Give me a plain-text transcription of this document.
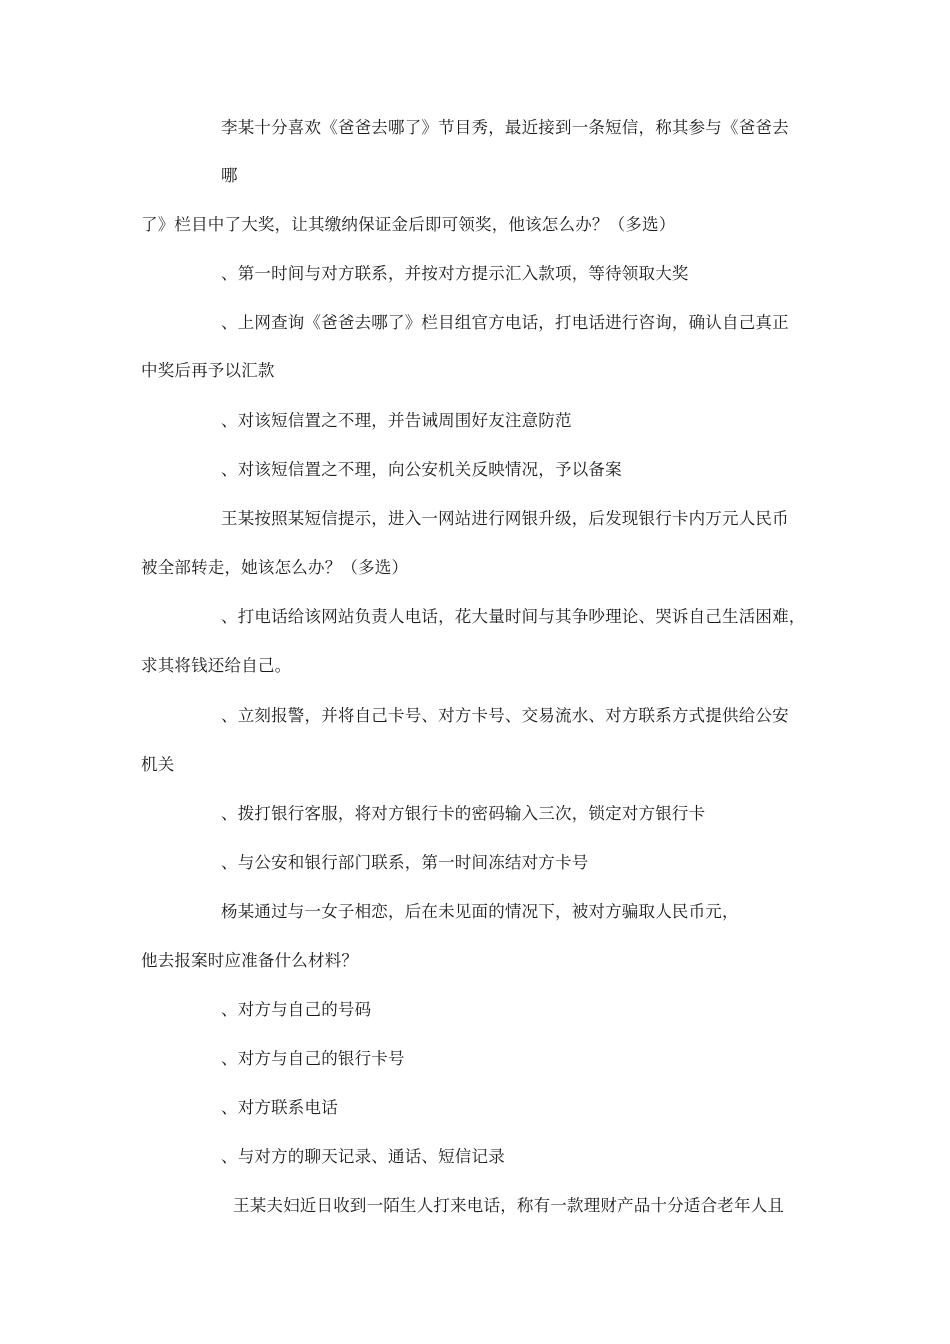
李某十分喜欢《爸爸去哪了》节目秀，最近接到一条短信，称其参与《爸爸去
哪
了》栏目中了大奖，让其缴纳保证金后即可领奖，他该怎么办？（多选）
、第一时间与对方联系，并按对方提示汇入款项，等待领取大奖
、上网查询《爸爸去哪了》栏目组官方电话，打电话进行咨询，确认自己真正
中奖后再予以汇款
、对该短信置之不理，并告诫周围好友注意防范
、对该短信置之不理，向公安机关反映情况，予以备案
王某按照某短信提示，进入一网站进行网银升级，后发现银行卡内万元人民币
被全部转走，她该怎么办？（多选）
、打电话给该网站负责人电话，花大量时间与其争吵理论、哭诉自己生活困难，
求其将钱还给自己。
、立刻报警，并将自己卡号、对方卡号、交易流水、对方联系方式提供给公安
机关
、拨打银行客服，将对方银行卡的密码输入三次，锁定对方银行卡
、与公安和银行部门联系，第一时间冻结对方卡号
杨某通过与一女子相恋，后在未见面的情况下，被对方骗取人民币元，
他去报案时应准备什么材料？
、对方与自己的号码
、对方与自己的银行卡号
、对方联系电话
、与对方的聊天记录、通话、短信记录
王某夫妇近日收到一陌生人打来电话，称有一款理财产品十分适合老年人且
